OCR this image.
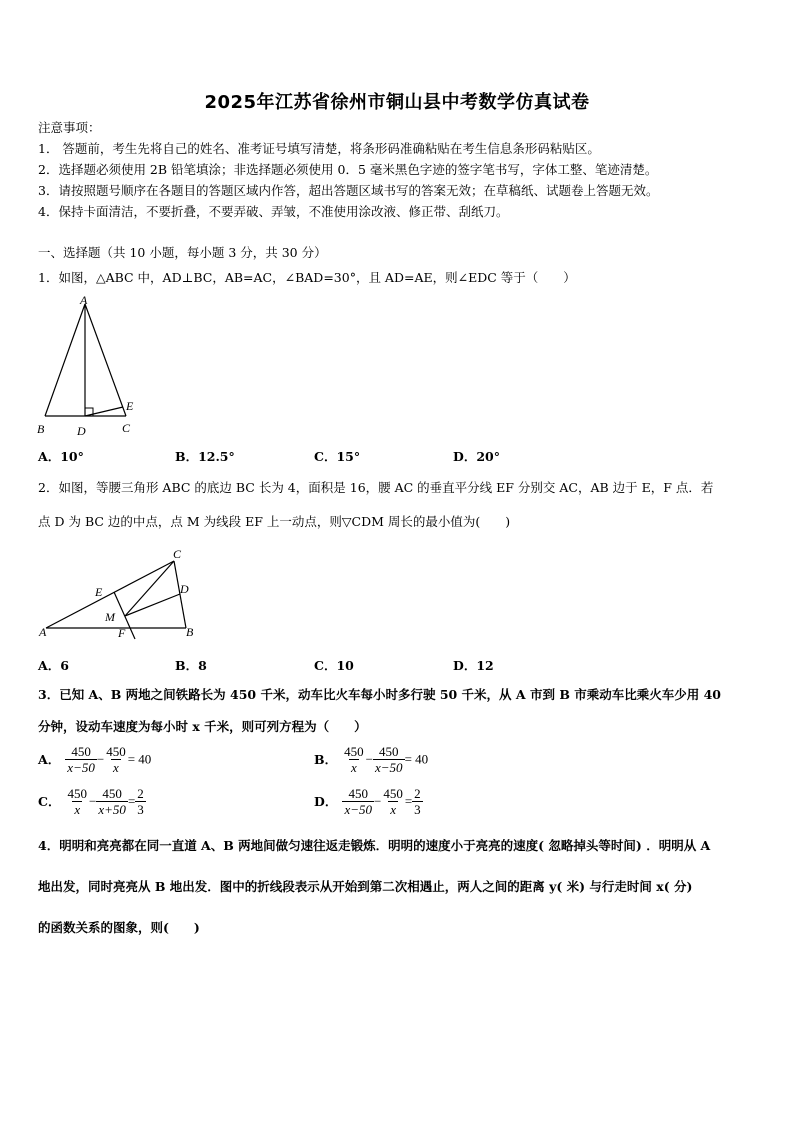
2025年江苏省徐州市铜山县中考数学仿真试卷
注意事项：
1． 答题前，考生先将自己的姓名、准考证号填写清楚，将条形码准确粘贴在考生信息条形码粘贴区。
2．选择题必须使用 2B 铅笔填涂；非选择题必须使用 0．5 毫米黑色字迹的签字笔书写，字体工整、笔迹清楚。
3．请按照题号顺序在各题目的答题区域内作答，超出答题区域书写的答案无效；在草稿纸、试题卷上答题无效。
4．保持卡面清洁，不要折叠，不要弄破、弄皱，不准使用涂改液、修正带、刮纸刀。
一、选择题（共 10 小题，每小题 3 分，共 30 分）
1．如图，△ABC 中，AD⊥BC，AB=AC，∠BAD=30°，且 AD=AE，则∠EDC 等于（　　）
A
B	D	C
E
A．10°	B．12.5°	C．15°	D．20°
2．如图，等腰三角形 ABC 的底边 BC 长为 4，面积是 16，腰 AC 的垂直平分线 EF 分别交 AC，AB 边于 E，F 点．若
点 D 为 BC 边的中点，点 M 为线段 EF 上一动点，则▽CDM 周长的最小值为(　　)
A	B
C
D
E
F
M
A．6	B．8	C．10	D．12
3．已知 A、B 两地之间铁路长为 450 千米，动车比火车每小时多行驶 50 千米，从 A 市到 B 市乘动车比乘火车少用 40
分钟，设动车速度为每小时 x 千米，则可列方程为（　　）
A． $\frac{450}{x-50} - \frac{450}{x} = 40$	B． $\frac{450}{x} - \frac{450}{x-50} = 40$
C． $\frac{450}{x} - \frac{450}{x+50} = \frac{2}{3}$	D． $\frac{450}{x-50} - \frac{450}{x} = \frac{2}{3}$
4．明明和亮亮都在同一直道 A、B 两地间做匀速往返走锻炼．明明的速度小于亮亮的速度( 忽略掉头等时间) ．明明从 A
地出发，同时亮亮从 B 地出发．图中的折线段表示从开始到第二次相遇止，两人之间的距离 y( 米) 与行走时间 x( 分)
的函数关系的图象，则(　　)
